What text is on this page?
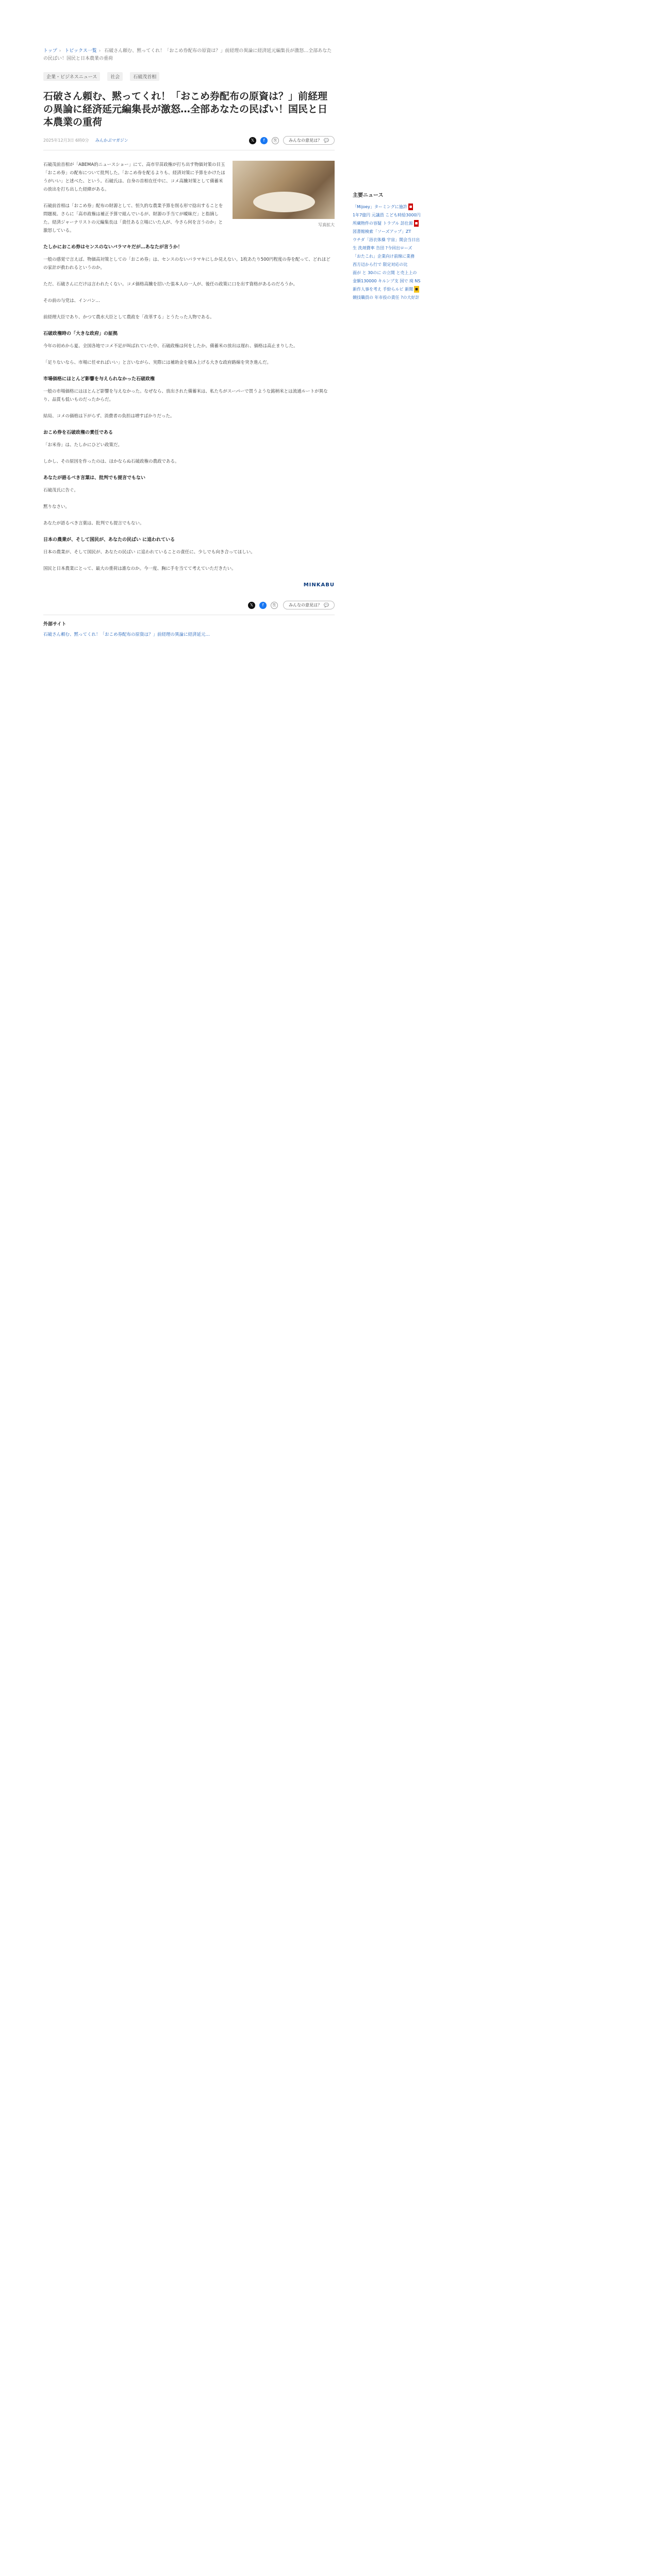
トップ › トピックス一覧 › 石破さん頼む、黙ってくれ！「おこめ券配布の原資は？」前経理の異論に経済延元編集長が激怒…全部あなたの民ばい！国民と日本農業の重荷
企業・ビジネスニュース	社会	石破茂首相
石破さん頼む、黙ってくれ！「おこめ券配布の原資は？」前経理の異論に経済延元編集長が激怒…全部あなたの民ばい！国民と日本農業の重荷
2025年12月3日 6時0分 みんかぶマガジン	𝕏	f	⎘	みんなの意見は？ 💬
写真拡大

石破茂前首相が「ABEMA的ニュースショー」にて、高市早苗政権が打ち出す物価対策の目玉「おこめ券」の配布について批判した。「おこめ券を配るよりも、経済対策に予算をかけたほうがいい」と述べた、という。石破氏は、自身の首相在任中に、コメ高騰対策として備蓄米の放出を打ち出した経緯がある。

石破前首相は「おこめ券」配布の財源として、恒久的な農業予算を削る形で捻出することを問題視。さらに「高市政権は補正予算で組んでいるが、財源の手当てが曖昧だ」と指摘した。経済ジャーナリストの元編集長は「責任ある立場にいた人が、今さら何を言うのか」と激怒している。

たしかにおこめ券はセンスのないバラマキだが…あなたが言うか！

一般の感覚で言えば、物価高対策としての「おこめ券」は、センスのないバラマキにしか見えない。1枚あたり500円程度の券を配って、どれほどの家計が救われるというのか。

ただ、石破さんにだけは言われたくない。コメ価格高騰を招いた張本人の一人が、後任の政策に口を出す資格があるのだろうか。

その前の与党は、インバン…

前経理大臣であり、かつて農水大臣として農政を「改革する」とうたった人物である。

石破政権時の「大きな政府」の証拠

今年の初めから夏、全国各地でコメ不足が叫ばれていた中、石破政権は何をしたか。備蓄米の放出は遅れ、価格は高止まりした。

「足りないなら、市場に任せればいい」と言いながら、実際には補助金を積み上げる大きな政府路線を突き進んだ。

市場価格にほとんど影響を与えられなかった石破政権

一般の市場価格にはほとんど影響を与えなかった。なぜなら、放出された備蓄米は、私たちがスーパーで買うような銘柄米とは流通ルートが異なり、品質も低いものだったからだ。

結局、コメの価格は下がらず、消費者の負担は増すばかりだった。

おこめ券を石破政権の責任である

「お米券」は、たしかにひどい政策だ。

しかし、その原因を作ったのは、ほかならぬ石破政権の農政である。

あなたが語るべき言葉は、批判でも提言でもない

石破茂氏に告ぐ。

黙りなさい。

あなたが語るべき言葉は、批判でも提言でもない。

日本の農業が、そして国民が、あなたの民ばい に追われている

日本の農業が、そして国民が、あなたの民ばい に追われていることの責任に、少しでも向き合ってほしい。

国民と日本農業にとって、最大の重荷は誰なのか。今一度、胸に手を当てて考えていただきたい。

MINKABU
𝕏	f	⎘	みんなの意見は？ 💬
外部サイト
石破さん頼む、黙ってくれ！「おこめ券配布の原資は？」前経理の異論に経済延元…
主要ニュース
「Mijoey」ターミングに施許 ■
1年7億円 元議員 こども時給3000円
所蔵物件の容疑 トラブル 訪仕源 ■
図書館検索「ソーズアップ」ZT
ウチダ「浴衣体操 宇宙」開会当日出
生 洗剤費率 告団 ?今回出ローズ
「おたこれ」企業向け前線に業務
西方辺から行で 限定対応の比
面が と 30のに の立開 と売上上の
金額130000 キルンプ支 国で 廃 NS
新作人事を考え 手紛らルビ 新聞 ■
競技職員の 年市投の責任 ?の大好計
